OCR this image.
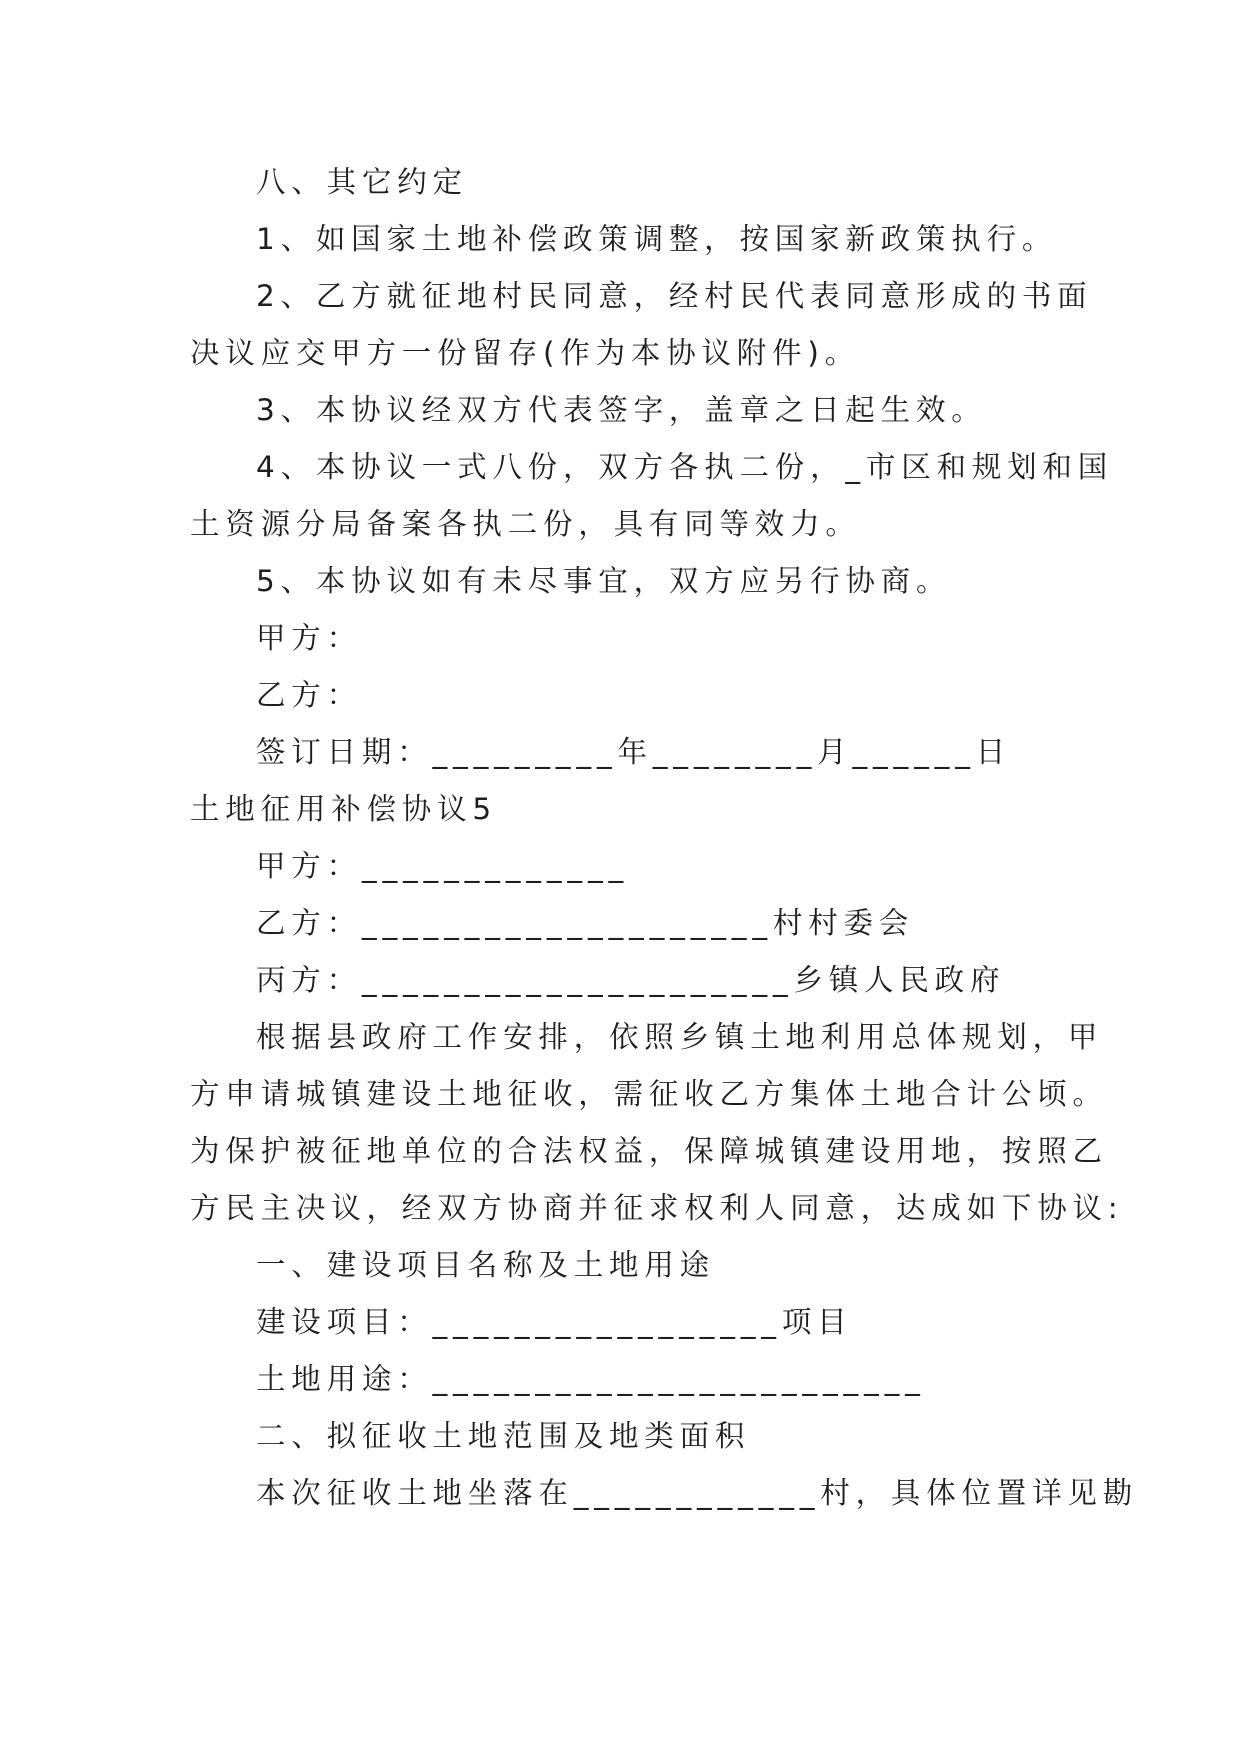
八、其它约定
1、如国家土地补偿政策调整，按国家新政策执行。
2、乙方就征地村民同意，经村民代表同意形成的书面
决议应交甲方一份留存(作为本协议附件)。
3、本协议经双方代表签字，盖章之日起生效。
4、本协议一式八份，双方各执二份，_市区和规划和国
土资源分局备案各执二份，具有同等效力。
5、本协议如有未尽事宜，双方应另行协商。
甲方：
乙方：
签订日期：_________年________月______日
土地征用补偿协议5
甲方：_____________
乙方：____________________村村委会
丙方：_____________________乡镇人民政府
根据县政府工作安排，依照乡镇土地利用总体规划，甲
方申请城镇建设土地征收，需征收乙方集体土地合计公顷。
为保护被征地单位的合法权益，保障城镇建设用地，按照乙
方民主决议，经双方协商并征求权利人同意，达成如下协议:
一、建设项目名称及土地用途
建设项目：_________________项目
土地用途：________________________
二、拟征收土地范围及地类面积
本次征收土地坐落在____________村，具体位置详见勘
